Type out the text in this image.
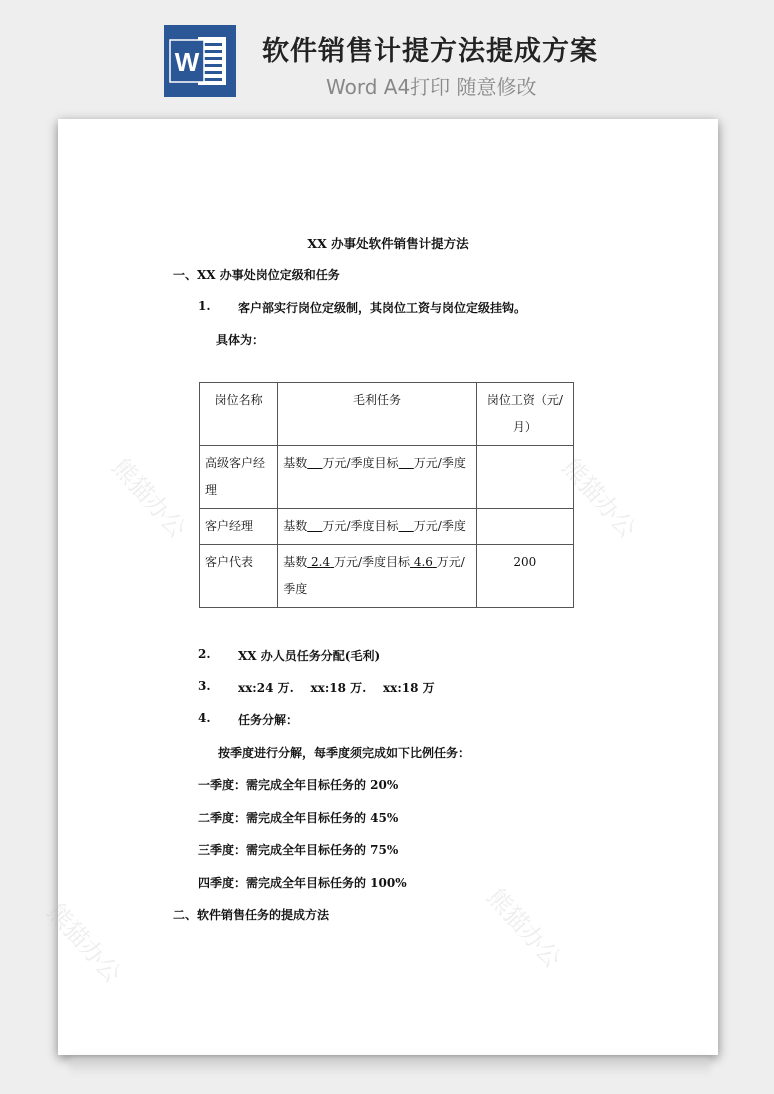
W 软件销售计提方法提成方案
Word A4打印 随意修改
熊猫办公	熊猫办公
熊猫办公	熊猫办公
XX 办事处软件销售计提方法
一、XX 办事处岗位定级和任务
1. 客户部实行岗位定级制，其岗位工资与岗位定级挂钩。
具体为：
岗位名称	毛利任务	岗位工资（元/月）
高级客户经理	基数 万元/季度目标 万元/季度	
客户经理	基数 万元/季度目标 万元/季度	
客户代表	基数 2.4 万元/季度目标 4.6 万元/季度	200
2. XX 办人员任务分配(毛利)
3. xx:24 万.    xx:18 万.    xx:18 万
4. 任务分解：
按季度进行分解，每季度须完成如下比例任务：
一季度：需完成全年目标任务的 20%
二季度：需完成全年目标任务的 45%
三季度：需完成全年目标任务的 75%
四季度：需完成全年目标任务的 100%
二、软件销售任务的提成方法
